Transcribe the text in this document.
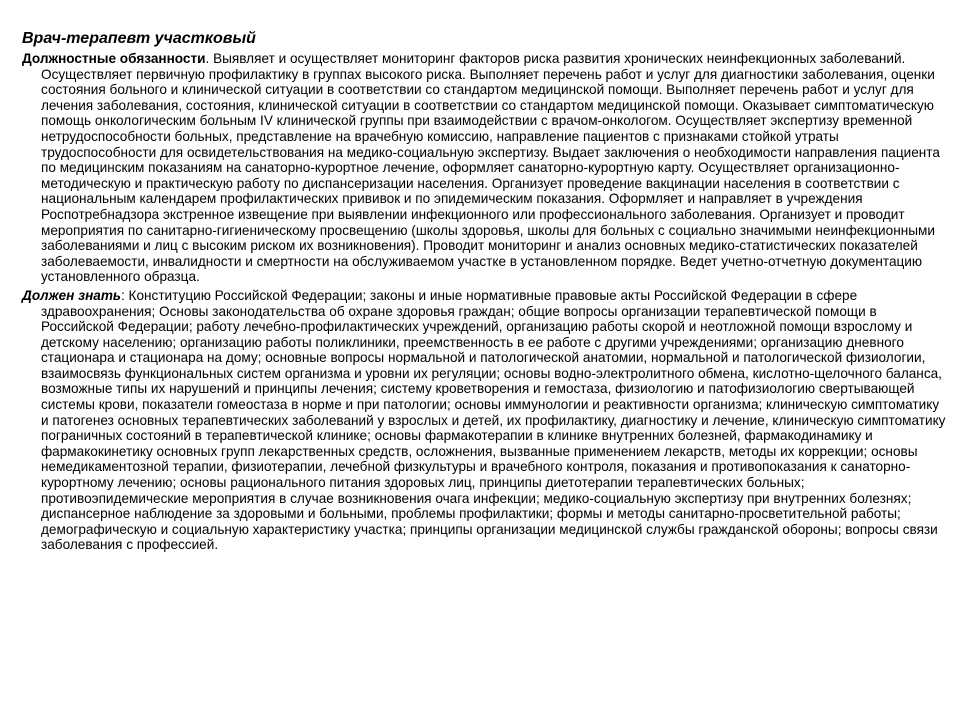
Врач-терапевт участковый

Должностные обязанности. Выявляет и осуществляет мониторинг факторов риска развития хронических неинфекционных заболеваний. Осуществляет первичную профилактику в группах высокого риска. Выполняет перечень работ и услуг для диагностики заболевания, оценки состояния больного и клинической ситуации в соответствии со стандартом медицинской помощи. Выполняет перечень работ и услуг для лечения заболевания, состояния, клинической ситуации в соответствии со стандартом медицинской помощи. Оказывает симптоматическую помощь онкологическим больным IV клинической группы при взаимодействии с врачом-онкологом. Осуществляет экспертизу временной нетрудоспособности больных, представление на врачебную комиссию, направление пациентов с признаками стойкой утраты трудоспособности для освидетельствования на медико-социальную экспертизу. Выдает заключения о необходимости направления пациента по медицинским показаниям на санаторно-курортное лечение, оформляет санаторно-курортную карту. Осуществляет организационно-методическую и практическую работу по диспансеризации населения. Организует проведение вакцинации населения в соответствии с национальным календарем профилактических прививок и по эпидемическим показания. Оформляет и направляет в учреждения Роспотребнадзора экстренное извещение при выявлении инфекционного или профессионального заболевания. Организует и проводит мероприятия по санитарно-гигиеническому просвещению (школы здоровья, школы для больных с социально значимыми неинфекционными заболеваниями и лиц с высоким риском их возникновения). Проводит мониторинг и анализ основных медико-статистических показателей заболеваемости, инвалидности и смертности на обслуживаемом участке в установленном порядке. Ведет учетно-отчетную документацию установленного образца.

Должен знать: Конституцию Российской Федерации; законы и иные нормативные правовые акты Российской Федерации в сфере здравоохранения; Основы законодательства об охране здоровья граждан; общие вопросы организации терапевтической помощи в Российской Федерации; работу лечебно-профилактических учреждений, организацию работы скорой и неотложной помощи взрослому и детскому населению; организацию работы поликлиники, преемственность в ее работе с другими учреждениями; организацию дневного стационара и стационара на дому; основные вопросы нормальной и патологической анатомии, нормальной и патологической физиологии, взаимосвязь функциональных систем организма и уровни их регуляции; основы водно-электролитного обмена, кислотно-щелочного баланса, возможные типы их нарушений и принципы лечения; систему кроветворения и гемостаза, физиологию и патофизиологию свертывающей системы крови, показатели гомеостаза в норме и при патологии; основы иммунологии и реактивности организма; клиническую симптоматику и патогенез основных терапевтических заболеваний у взрослых и детей, их профилактику, диагностику и лечение, клиническую симптоматику пограничных состояний в терапевтической клинике; основы фармакотерапии в клинике внутренних болезней, фармакодинамику и фармакокинетику основных групп лекарственных средств, осложнения, вызванные применением лекарств, методы их коррекции; основы немедикаментозной терапии, физиотерапии, лечебной физкультуры и врачебного контроля, показания и противопоказания к санаторно-курортному лечению; основы рационального питания здоровых лиц, принципы диетотерапии терапевтических больных; противоэпидемические мероприятия в случае возникновения очага инфекции; медико-социальную экспертизу при внутренних болезнях; диспансерное наблюдение за здоровыми и больными, проблемы профилактики; формы и методы санитарно-просветительной работы; демографическую и социальную характеристику участка; принципы организации медицинской службы гражданской обороны; вопросы связи заболевания с профессией.
